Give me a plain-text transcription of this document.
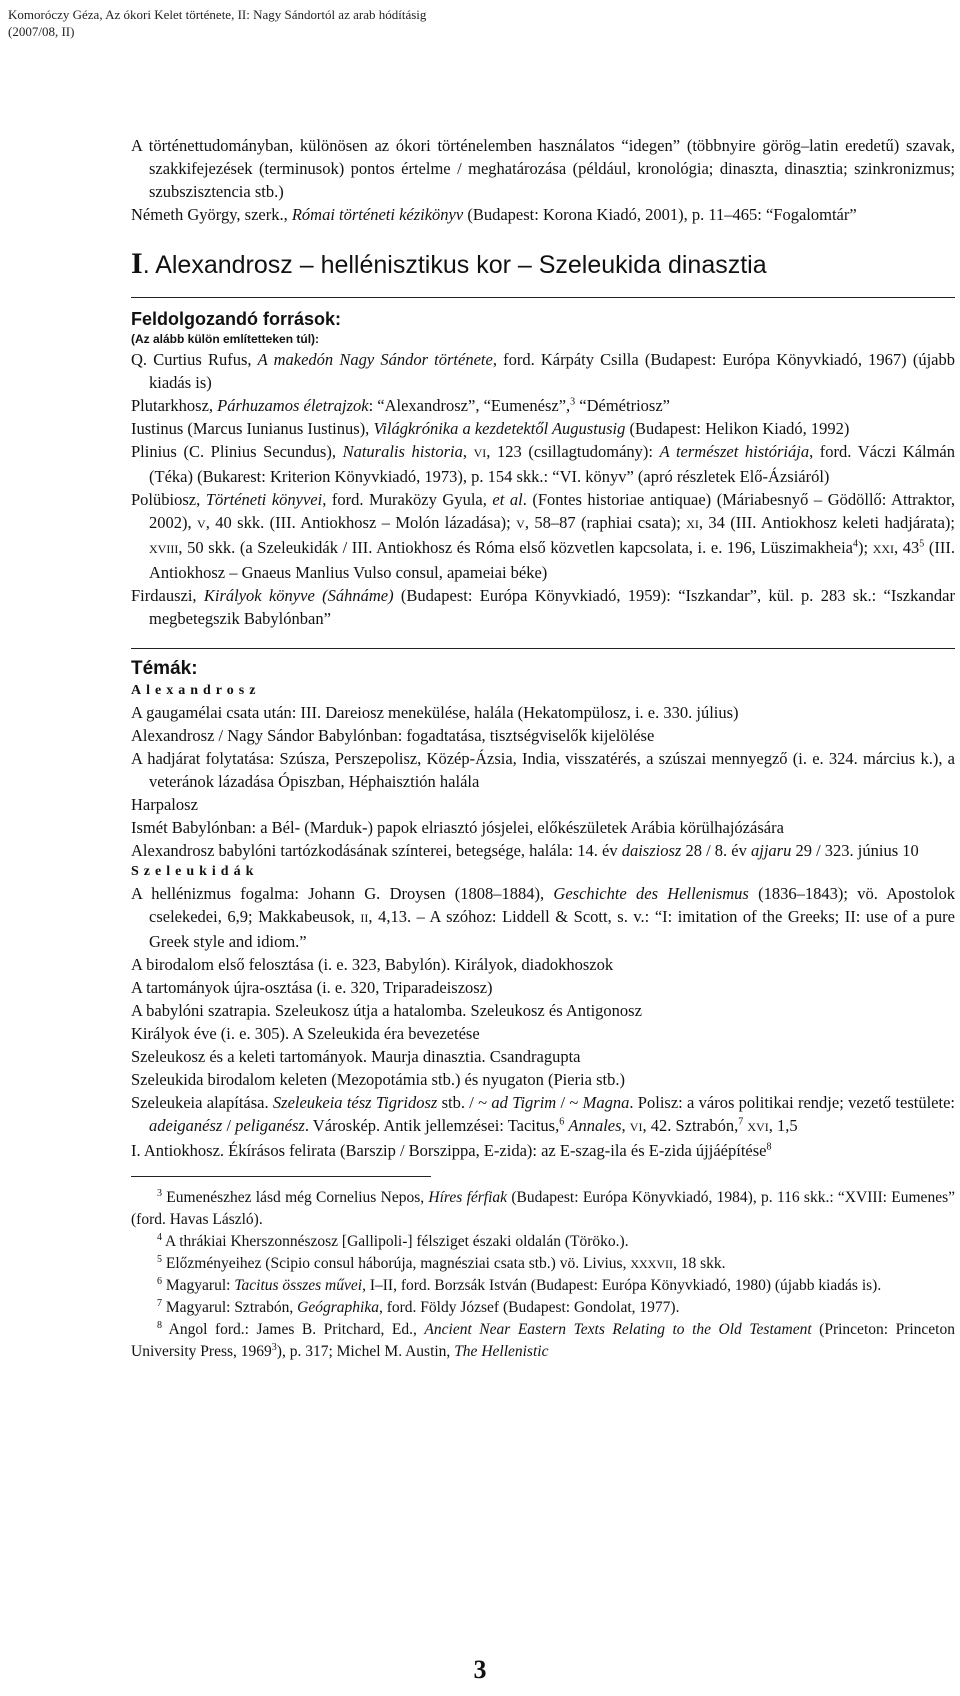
Komoróczy Géza, Az ókori Kelet története, II: Nagy Sándortól az arab hódításig
(2007/08, II)

A történettudományban, különösen az ókori történelemben használatos “idegen” (többnyire görög–latin eredetű) szavak, szakkifejezések (terminusok) pontos értelme / meghatározása (például, kronológia; dinaszta, dinasztia; szinkronizmus; szubszisztencia stb.)

Németh György, szerk., Római történeti kézikönyv (Budapest: Korona Kiadó, 2001), p. 11–465: “Fogalomtár”

I. Alexandrosz – hellénisztikus kor – Szeleukida dinasztia
Feldolgozandó források:
(Az alább külön említetteken túl):

Q. Curtius Rufus, A makedón Nagy Sándor története, ford. Kárpáty Csilla (Budapest: Európa Könyvkiadó, 1967) (újabb kiadás is)

Plutarkhosz, Párhuzamos életrajzok: “Alexandrosz”, “Eumenész”,$^3$ “Démétriosz”

Iustinus (Marcus Iunianus Iustinus), Világkrónika a kezdetektől Augustusig (Budapest: Helikon Kiadó, 1992)

Plinius (C. Plinius Secundus), Naturalis historia, VI, 123 (csillagtudomány): A természet históriája, ford. Váczi Kálmán (Téka) (Bukarest: Kriterion Könyvkiadó, 1973), p. 154 skk.: “VI. könyv” (apró részletek Elő-Ázsiáról)

Polübiosz, Történeti könyvei, ford. Muraközy Gyula, et al. (Fontes historiae antiquae) (Máriabesnyő – Gödöllő: Attraktor, 2002), V, 40 skk. (III. Antiokhosz – Molón lázadása); V, 58–87 (raphiai csata); XI, 34 (III. Antiokhosz keleti hadjárata); XVIII, 50 skk. (a Szeleukidák / III. Antiokhosz és Róma első közvetlen kapcsolata, i. e. 196, Lüszimakheia$^4$); XXI, $43^5$ (III. Antiokhosz – Gnaeus Manlius Vulso consul, apameiai béke)

Firdauszi, Királyok könyve (Sáhnáme) (Budapest: Európa Könyvkiadó, 1959): “Iszkandar”, kül. p. 283 sk.: “Iszkandar megbetegszik Babylónban”

Témák:
Alexandrosz

A gaugamélai csata után: III. Dareiosz menekülése, halála (Hekatompülosz, i. e. 330. július)

Alexandrosz / Nagy Sándor Babylónban: fogadtatása, tisztségviselők kijelölése

A hadjárat folytatása: Szúsza, Perszepolisz, Közép-Ázsia, India, visszatérés, a szúszai mennyegző (i. e. 324. március k.), a veteránok lázadása Ópiszban, Héphaisztión halála

Harpalosz

Ismét Babylónban: a Bél- (Marduk-) papok elriasztó jósjelei, előkészületek Arábia körülhajózására

Alexandrosz babylóni tartózkodásának színterei, betegsége, halála: 14. év daisziosz 28 / 8. év ajjaru 29 / 323. június 10

Szeleukidák

A hellénizmus fogalma: Johann G. Droysen (1808–1884), Geschichte des Hellenismus (1836–1843); vö. Apostolok cselekedei, 6,9; Makkabeusok, II, 4,13. – A szóhoz: Liddell & Scott, s. v.: “I: imitation of the Greeks; II: use of a pure Greek style and idiom.”

A birodalom első felosztása (i. e. 323, Babylón). Királyok, diadokhoszok

A tartományok újra-osztása (i. e. 320, Triparadeiszosz)

A babylóni szatrapia. Szeleukosz útja a hatalomba. Szeleukosz és Antigonosz

Királyok éve (i. e. 305). A Szeleukida éra bevezetése

Szeleukosz és a keleti tartományok. Maurja dinasztia. Csandragupta

Szeleukida birodalom keleten (Mezopotámia stb.) és nyugaton (Pieria stb.)

Szeleukeia alapítása. Szeleukeia tész Tigridosz stb. / ~ ad Tigrim / ~ Magna. Polisz: a város politikai rendje; vezető testülete: adeiganész / peliganész. Városkép. Antik jellemzései: Tacitus,$^6$ Annales, VI, 42. Sztrabón,$^7$ XVI, 1,5

I. Antiokhosz. Ékírásos felirata (Barszip / Borszippa, E-zida): az E-szag-ila és E-zida újjáépítése$^8$

$^3$ Eumenészhez lásd még Cornelius Nepos, Híres férfiak (Budapest: Európa Könyvkiadó, 1984), p. 116 skk.: “XVIII: Eumenes” (ford. Havas László).

$^4$ A thrákiai Kherszonnészosz [Gallipoli-] félsziget északi oldalán (Töröko.).

$^5$ Előzményeihez (Scipio consul háborúja, magnésziai csata stb.) vö. Livius, XXXVII, 18 skk.

$^6$ Magyarul: Tacitus összes művei, I–II, ford. Borzsák István (Budapest: Európa Könyvkiadó, 1980) (újabb kiadás is).

$^7$ Magyarul: Sztrabón, Geógraphika, ford. Földy József (Budapest: Gondolat, 1977).

$^8$ Angol ford.: James B. Pritchard, Ed., Ancient Near Eastern Texts Relating to the Old Testament (Princeton: Princeton University Press, 1969$^3$), p. 317; Michel M. Austin, The Hellenistic

3
